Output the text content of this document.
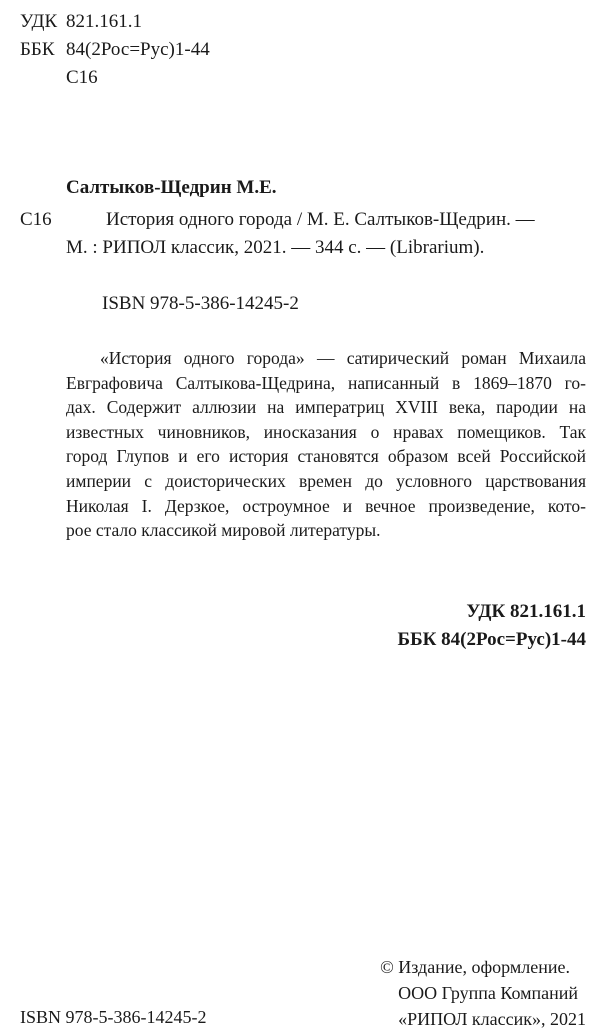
УДК 821.161.1
ББК 84(2Рос=Рус)1-44
С16
Салтыков-Щедрин М.Е.
С16	История одного города / М. Е. Салтыков-Щедрин. —
М. : РИПОЛ классик, 2021. — 344 с. — (Librarium).
ISBN 978-5-386-14245-2
«История одного города» — сатирический роман Михаила
Евграфовича Салтыкова-Щедрина, написанный в 1869–1870 го-
дах. Содержит аллюзии на императриц XVIII века, пародии на
известных чиновников, иносказания о нравах помещиков. Так
город Глупов и его история становятся образом всей Российской
империи с доисторических времен до условного царствования
Николая I. Дерзкое, остроумное и вечное произведение, кото-
рое стало классикой мировой литературы.
УДК 821.161.1
ББК 84(2Рос=Рус)1-44
© Издание, оформление.
ООО Группа Компаний
«РИПОЛ классик», 2021
ISBN 978-5-386-14245-2
